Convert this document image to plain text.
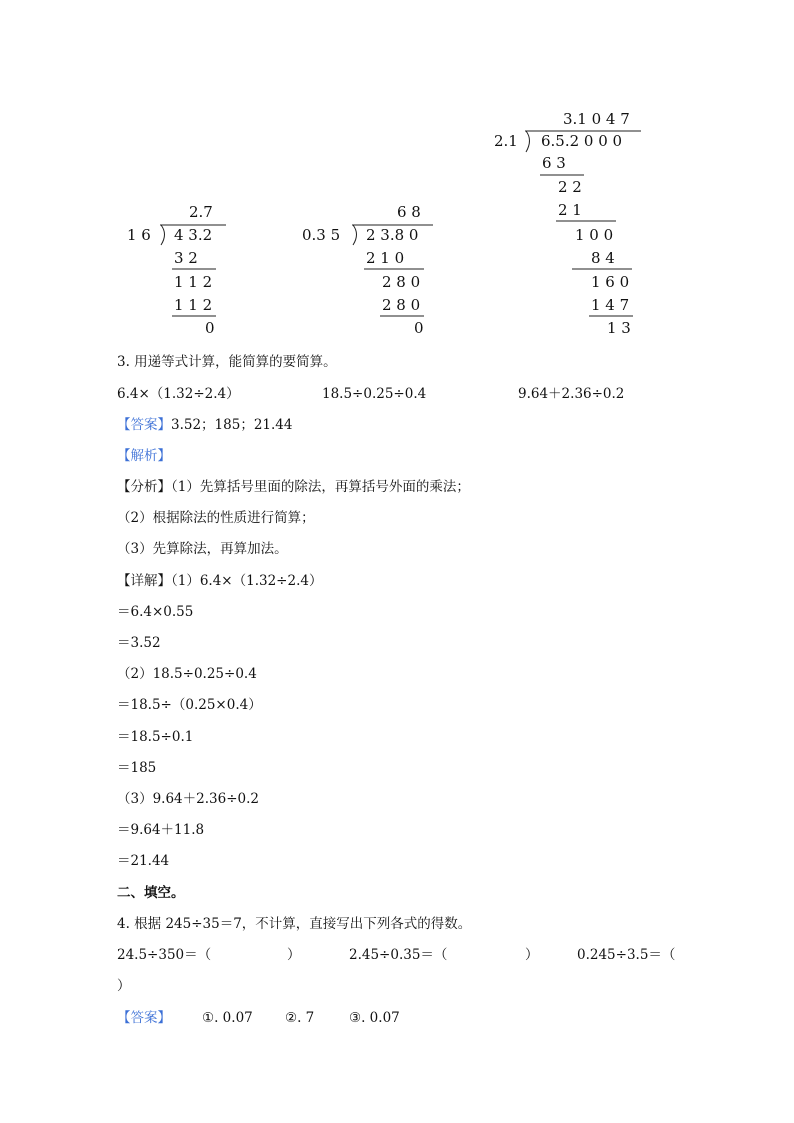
2.7
1 6 4 3.2
3 2
1 1 2
1 1 2
0
6 8
0.3 5 2 3.8 0
2 1 0
2 8 0
2 8 0
0
3.1 0 4 7
2.1 6.5.2 0 0 0
6 3
2 2
2 1
1 0 0
8 4
1 6 0
1 4 7
1 3
3. 用递等式计算，能简算的要简算。
6.4×（1.32÷2.4）	18.5÷0.25÷0.4	9.64＋2.36÷0.2
【答案】3.52；185；21.44
【解析】
【分析】（1）先算括号里面的除法，再算括号外面的乘法；
（2）根据除法的性质进行简算；
（3）先算除法，再算加法。
【详解】（1）6.4×（1.32÷2.4）
＝6.4×0.55
＝3.52
（2）18.5÷0.25÷0.4
＝18.5÷（0.25×0.4）
＝18.5÷0.1
＝185
（3）9.64＋2.36÷0.2
＝9.64＋11.8
＝21.44
二、填空。
4. 根据 245÷35＝7，不计算，直接写出下列各式的得数。
24.5÷350＝（	）	2.45÷0.35＝（	）	0.245÷3.5＝（
）
【答案】 ①. 0.07 ②. 7	③. 0.07
